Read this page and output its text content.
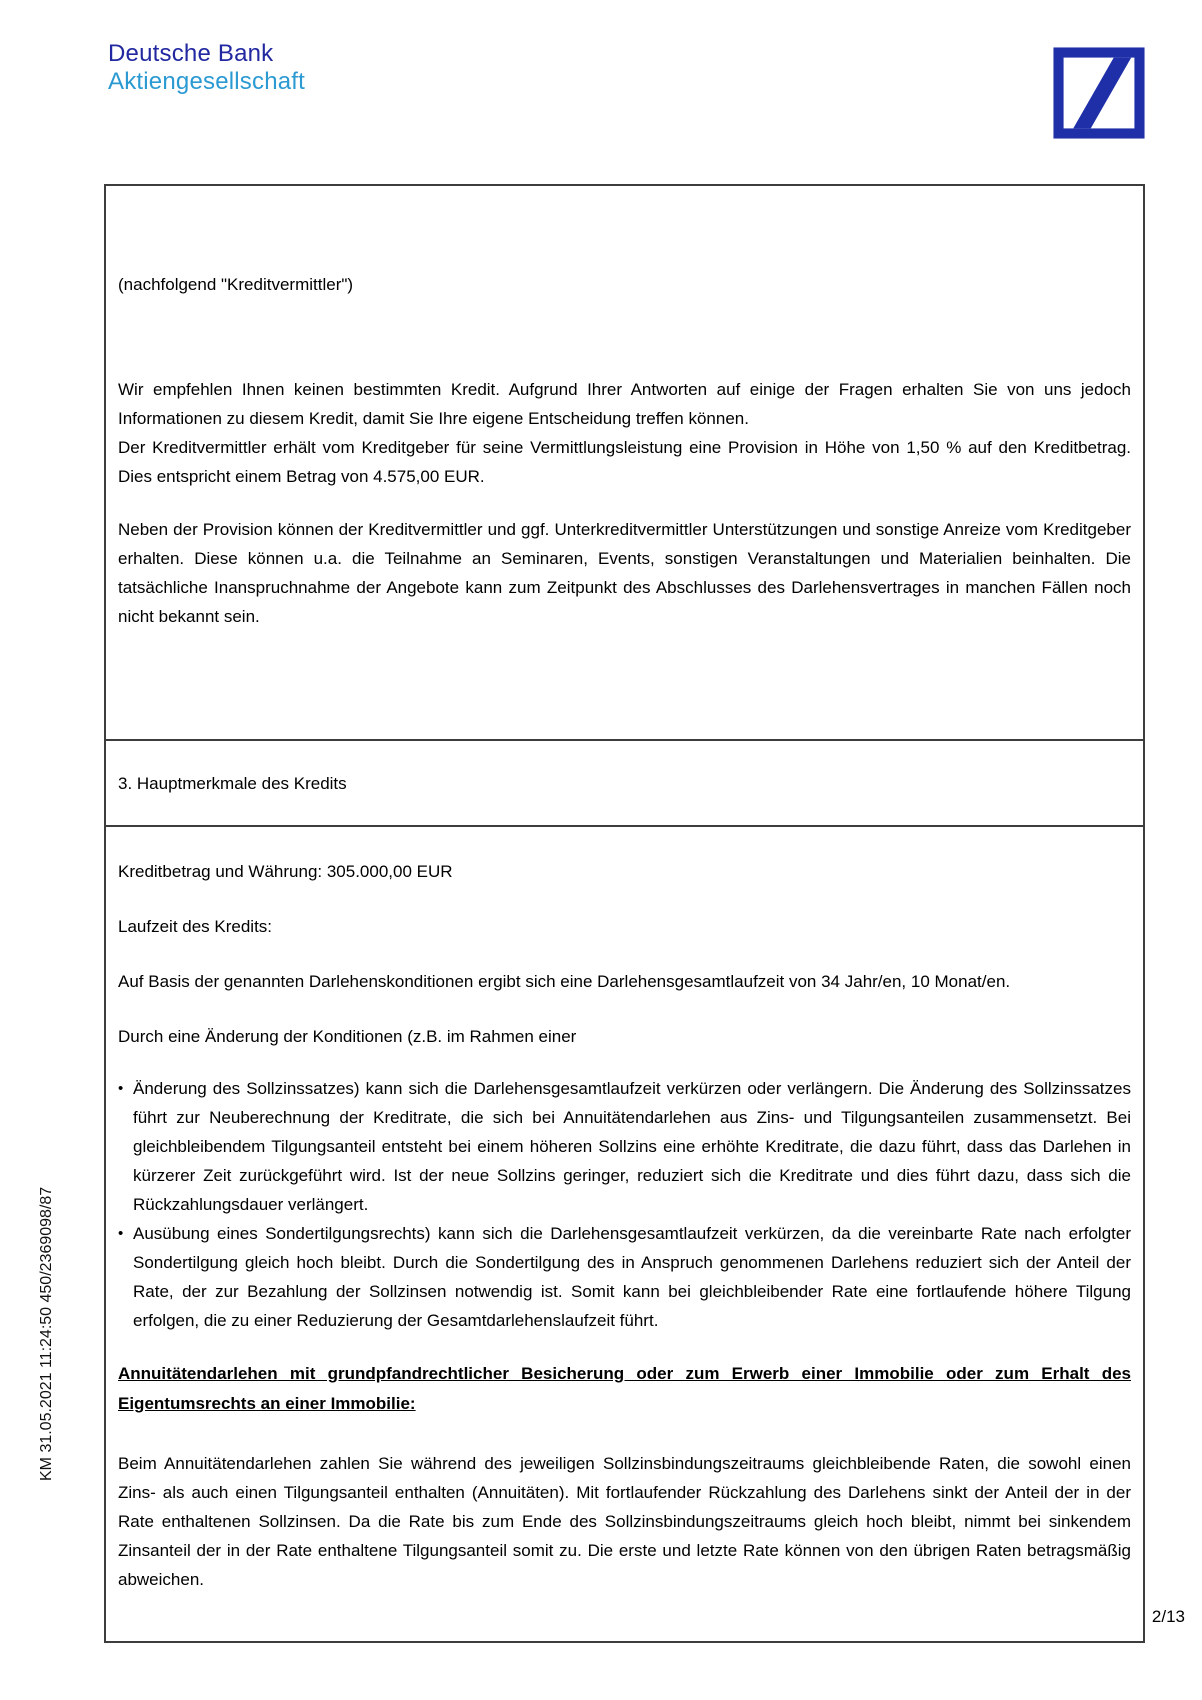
Deutsche Bank
Aktiengesellschaft
KM 31.05.2021 11:24:50 450/2369098/87

(nachfolgend "Kreditvermittler")

Wir empfehlen Ihnen keinen bestimmten Kredit. Aufgrund Ihrer Antworten auf einige der Fragen erhalten Sie von uns jedoch Informationen zu diesem Kredit, damit Sie Ihre eigene Entscheidung treffen können.

Der Kreditvermittler erhält vom Kreditgeber für seine Vermittlungsleistung eine Provision in Höhe von 1,50 % auf den Kreditbetrag. Dies entspricht einem Betrag von 4.575,00 EUR.

Neben der Provision können der Kreditvermittler und ggf. Unterkreditvermittler Unterstützungen und sonstige Anreize vom Kreditgeber erhalten. Diese können u.a. die Teilnahme an Seminaren, Events, sonstigen Veranstaltungen und Materialien beinhalten. Die tatsächliche Inanspruchnahme der Angebote kann zum Zeitpunkt des Abschlusses des Darlehensvertrages in manchen Fällen noch nicht bekannt sein.

3. Hauptmerkmale des Kredits

Kreditbetrag und Währung: 305.000,00 EUR

Laufzeit des Kredits:

Auf Basis der genannten Darlehenskonditionen ergibt sich eine Darlehensgesamtlaufzeit von 34 Jahr/en, 10 Monat/en.

Durch eine Änderung der Konditionen (z.B. im Rahmen einer

• Änderung des Sollzinssatzes) kann sich die Darlehensgesamtlaufzeit verkürzen oder verlängern. Die Änderung des Sollzinssatzes führt zur Neuberechnung der Kreditrate, die sich bei Annuitätendarlehen aus Zins- und Tilgungsanteilen zusammensetzt. Bei gleichbleibendem Tilgungsanteil entsteht bei einem höheren Sollzins eine erhöhte Kreditrate, die dazu führt, dass das Darlehen in kürzerer Zeit zurückgeführt wird. Ist der neue Sollzins geringer, reduziert sich die Kreditrate und dies führt dazu, dass sich die Rückzahlungsdauer verlängert.
• Ausübung eines Sondertilgungsrechts) kann sich die Darlehensgesamtlaufzeit verkürzen, da die vereinbarte Rate nach erfolgter Sondertilgung gleich hoch bleibt. Durch die Sondertilgung des in Anspruch genommenen Darlehens reduziert sich der Anteil der Rate, der zur Bezahlung der Sollzinsen notwendig ist. Somit kann bei gleichbleibender Rate eine fortlaufende höhere Tilgung erfolgen, die zu einer Reduzierung der Gesamtdarlehenslaufzeit führt.

Annuitätendarlehen mit grundpfandrechtlicher Besicherung oder zum Erwerb einer Immobilie oder zum Erhalt des Eigentumsrechts an einer Immobilie:

Beim Annuitätendarlehen zahlen Sie während des jeweiligen Sollzinsbindungszeitraums gleichbleibende Raten, die sowohl einen Zins- als auch einen Tilgungsanteil enthalten (Annuitäten). Mit fortlaufender Rückzahlung des Darlehens sinkt der Anteil der in der Rate enthaltenen Sollzinsen. Da die Rate bis zum Ende des Sollzinsbindungszeitraums gleich hoch bleibt, nimmt bei sinkendem Zinsanteil der in der Rate enthaltene Tilgungsanteil somit zu. Die erste und letzte Rate können von den übrigen Raten betragsmäßig abweichen.

2/13
